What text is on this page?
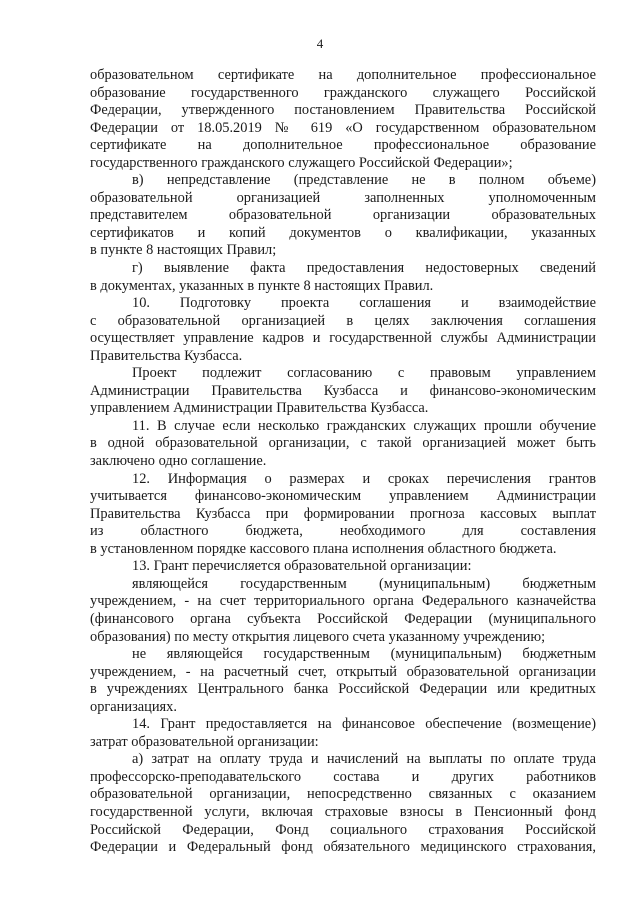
4
образовательном сертификате на дополнительное профессиональное
образование государственного гражданского служащего Российской
Федерации, утвержденного постановлением Правительства Российской
Федерации от 18.05.2019 № 619 «О государственном образовательном
сертификате на дополнительное профессиональное образование
государственного гражданского служащего Российской Федерации»;
в) непредставление (представление не в полном объеме)
образовательной организацией заполненных уполномоченным
представителем образовательной организации образовательных
сертификатов и копий документов о квалификации, указанных
в пункте 8 настоящих Правил;
г) выявление факта предоставления недостоверных сведений
в документах, указанных в пункте 8 настоящих Правил.
10. Подготовку проекта соглашения и взаимодействие
с образовательной организацией в целях заключения соглашения
осуществляет управление кадров и государственной службы Администрации
Правительства Кузбасса.
Проект подлежит согласованию с правовым управлением
Администрации Правительства Кузбасса и финансово-экономическим
управлением Администрации Правительства Кузбасса.
11. В случае если несколько гражданских служащих прошли обучение
в одной образовательной организации, с такой организацией может быть
заключено одно соглашение.
12. Информация о размерах и сроках перечисления грантов
учитывается финансово-экономическим управлением Администрации
Правительства Кузбасса при формировании прогноза кассовых выплат
из областного бюджета, необходимого для составления
в установленном порядке кассового плана исполнения областного бюджета.
13. Грант перечисляется образовательной организации:
являющейся государственным (муниципальным) бюджетным
учреждением, - на счет территориального органа Федерального казначейства
(финансового органа субъекта Российской Федерации (муниципального
образования) по месту открытия лицевого счета указанному учреждению;
не являющейся государственным (муниципальным) бюджетным
учреждением, - на расчетный счет, открытый образовательной организации
в учреждениях Центрального банка Российской Федерации или кредитных
организациях.
14. Грант предоставляется на финансовое обеспечение (возмещение)
затрат образовательной организации:
а) затрат на оплату труда и начислений на выплаты по оплате труда
профессорско-преподавательского состава и других работников
образовательной организации, непосредственно связанных с оказанием
государственной услуги, включая страховые взносы в Пенсионный фонд
Российской Федерации, Фонд социального страхования Российской
Федерации и Федеральный фонд обязательного медицинского страхования,
